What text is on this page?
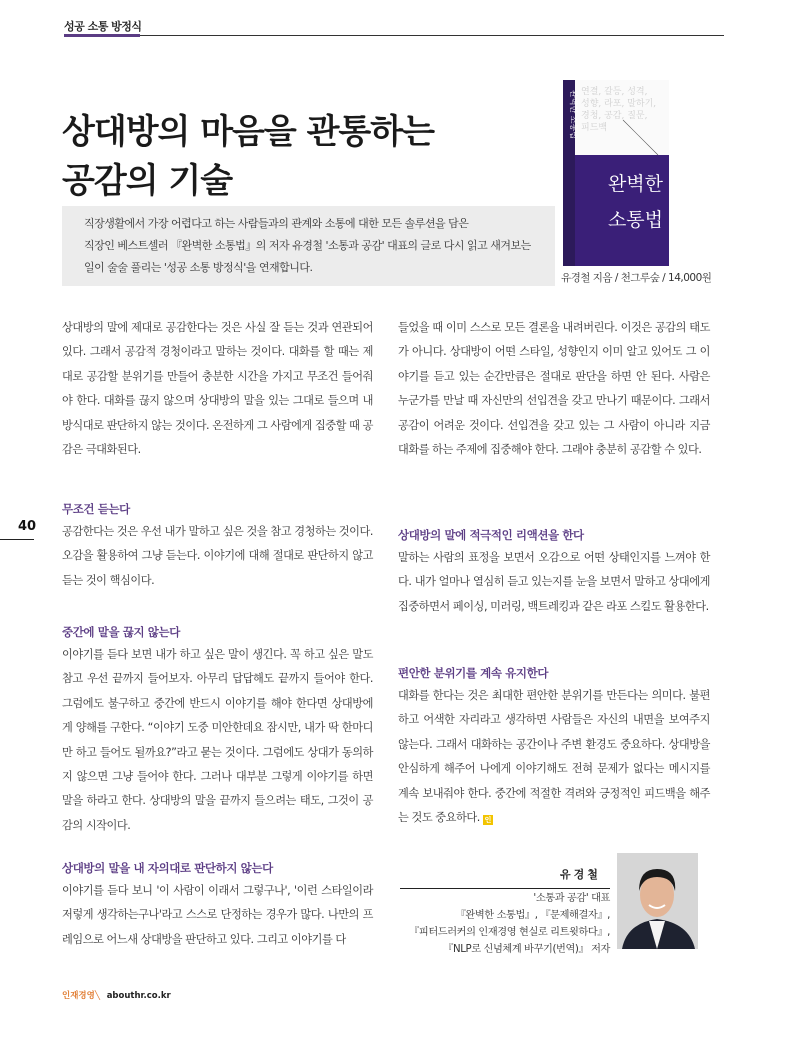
성공 소통 방정식
상대방의 마음을 관통하는
공감의 기술
직장생활에서 가장 어렵다고 하는 사람들과의 관계와 소통에 대한 모든 솔루션을 담은
직장인 베스트셀러 『완벽한 소통법』의 저자 유경철 '소통과 공감' 대표의 글로 다시 읽고 새겨보는
일이 술술 풀리는 '성공 소통 방정식'을 연재합니다.
연결, 갈등, 성격,
성향, 라포, 말하기,
경청, 공감, 질문,
피드백
완벽한
소통법
완벽한 소통법
유경철 지음 / 천그루숲 / 14,000원
40
상대방의 말에 제대로 공감한다는 것은 사실 잘 듣는 것과 연관되어 있다. 그래서 공감적 경청이라고 말하는 것이다. 대화를 할 때는 제대로 공감할 분위기를 만들어 충분한 시간을 가지고 무조건 들어줘야 한다. 대화를 끊지 않으며 상대방의 말을 있는 그대로 들으며 내 방식대로 판단하지 않는 것이다. 온전하게 그 사람에게 집중할 때 공감은 극대화된다.
무조건 듣는다
공감한다는 것은 우선 내가 말하고 싶은 것을 참고 경청하는 것이다. 오감을 활용하여 그냥 듣는다. 이야기에 대해 절대로 판단하지 않고 듣는 것이 핵심이다.
중간에 말을 끊지 않는다
이야기를 듣다 보면 내가 하고 싶은 말이 생긴다. 꼭 하고 싶은 말도 참고 우선 끝까지 들어보자. 아무리 답답해도 끝까지 들어야 한다. 그럼에도 불구하고 중간에 반드시 이야기를 해야 한다면 상대방에게 양해를 구한다. “이야기 도중 미안한데요 잠시만, 내가 딱 한마디만 하고 들어도 될까요?”라고 묻는 것이다. 그럼에도 상대가 동의하지 않으면 그냥 들어야 한다. 그러나 대부분 그렇게 이야기를 하면 말을 하라고 한다. 상대방의 말을 끝까지 들으려는 태도, 그것이 공감의 시작이다.
상대방의 말을 내 자의대로 판단하지 않는다
이야기를 듣다 보니 '이 사람이 이래서 그렇구나', '이런 스타일이라 저렇게 생각하는구나'라고 스스로 단정하는 경우가 많다. 나만의 프레임으로 어느새 상대방을 판단하고 있다. 그리고 이야기를 다
들었을 때 이미 스스로 모든 결론을 내려버린다. 이것은 공감의 태도가 아니다. 상대방이 어떤 스타일, 성향인지 이미 알고 있어도 그 이야기를 듣고 있는 순간만큼은 절대로 판단을 하면 안 된다. 사람은 누군가를 만날 때 자신만의 선입견을 갖고 만나기 때문이다. 그래서 공감이 어려운 것이다. 선입견을 갖고 있는 그 사람이 아니라 지금 대화를 하는 주제에 집중해야 한다. 그래야 충분히 공감할 수 있다.
상대방의 말에 적극적인 리액션을 한다
말하는 사람의 표정을 보면서 오감으로 어떤 상태인지를 느껴야 한다. 내가 얼마나 열심히 듣고 있는지를 눈을 보면서 말하고 상대에게 집중하면서 페이싱, 미러링, 백트레킹과 같은 라포 스킬도 활용한다.
편안한 분위기를 계속 유지한다
대화를 한다는 것은 최대한 편안한 분위기를 만든다는 의미다. 불편하고 어색한 자리라고 생각하면 사람들은 자신의 내면을 보여주지 않는다. 그래서 대화하는 공간이나 주변 환경도 중요하다. 상대방을 안심하게 해주어 나에게 이야기해도 전혀 문제가 없다는 메시지를 계속 보내줘야 한다. 중간에 적절한 격려와 긍정적인 피드백을 해주는 것도 중요하다. 인
유경철
'소통과 공감' 대표
『완벽한 소통법』, 『문제해결자』,
『피터드러커의 인재경영 현실로 리트윗하다』,
『NLP로 신념체계 바꾸기(번역)』 저자
인재경영╲ abouthr.co.kr
